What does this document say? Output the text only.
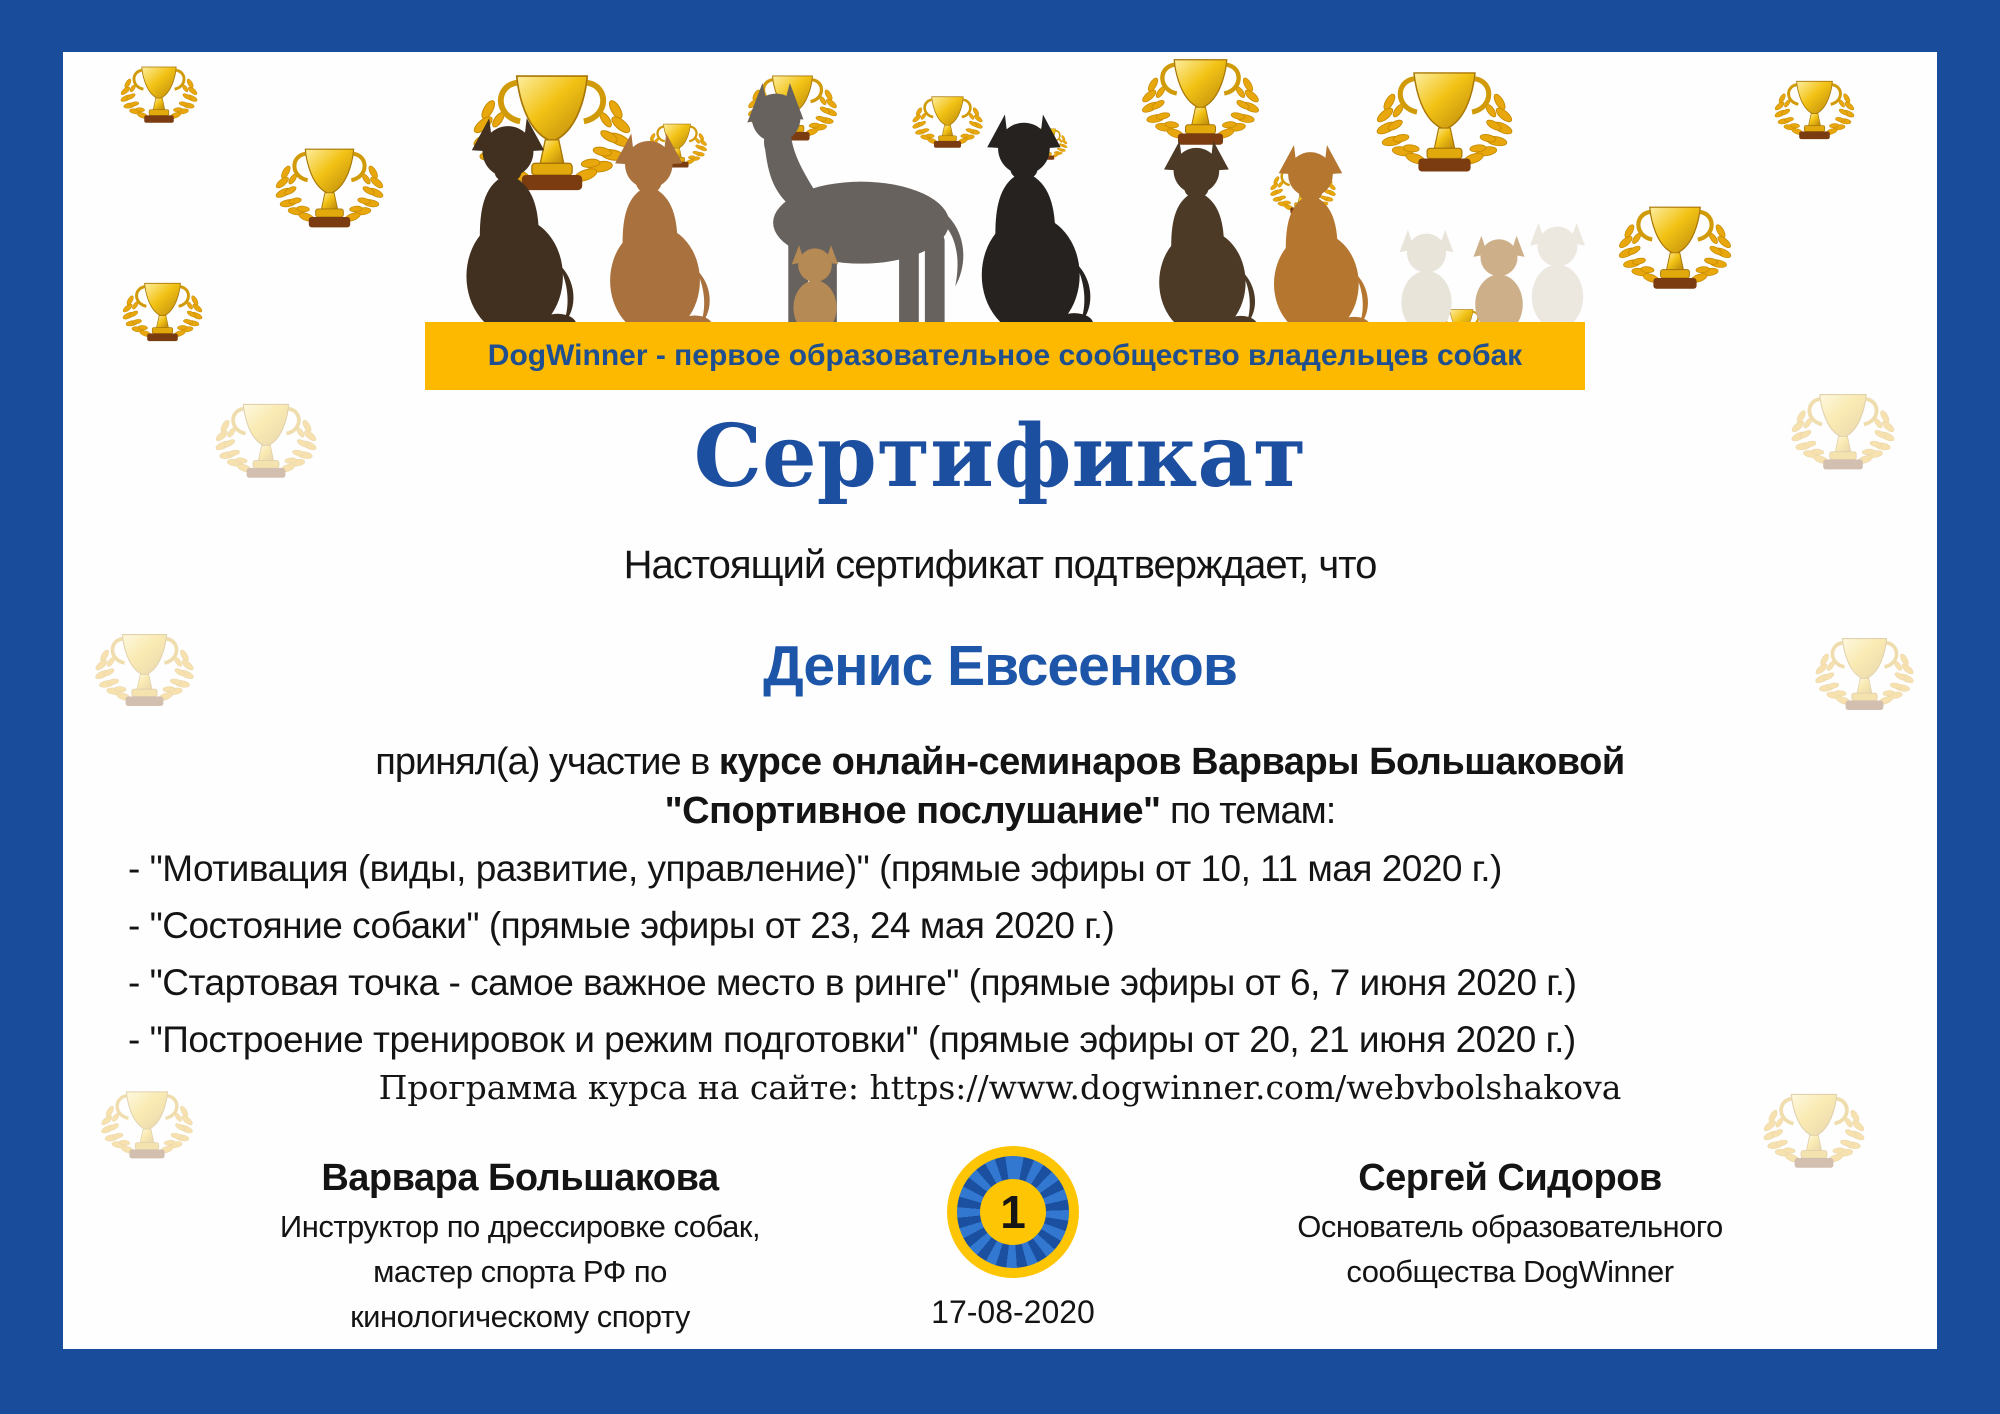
DogWinner - первое образовательное сообщество владельцев собак
Сертификат
Настоящий сертификат подтверждает, что
Денис Евсеенков
принял(а) участие в курсе онлайн-семинаров Варвары Большаковой
"Спортивное послушание" по темам:
- "Мотивация (виды, развитие, управление)" (прямые эфиры от 10, 11 мая 2020 г.)
- "Состояние собаки" (прямые эфиры от 23, 24 мая 2020 г.)
- "Стартовая точка - самое важное место в ринге" (прямые эфиры от 6, 7 июня 2020 г.)
- "Построение тренировок и режим подготовки" (прямые эфиры от 20, 21 июня 2020 г.)
Программа курса на сайте: https://www.dogwinner.com/webvbolshakova
Варвара Большакова
Инструктор по дрессировке собак,
мастер спорта РФ по
кинологическому спорту
Сергей Сидоров
Основатель образовательного
сообщества DogWinner
1
17-08-2020
